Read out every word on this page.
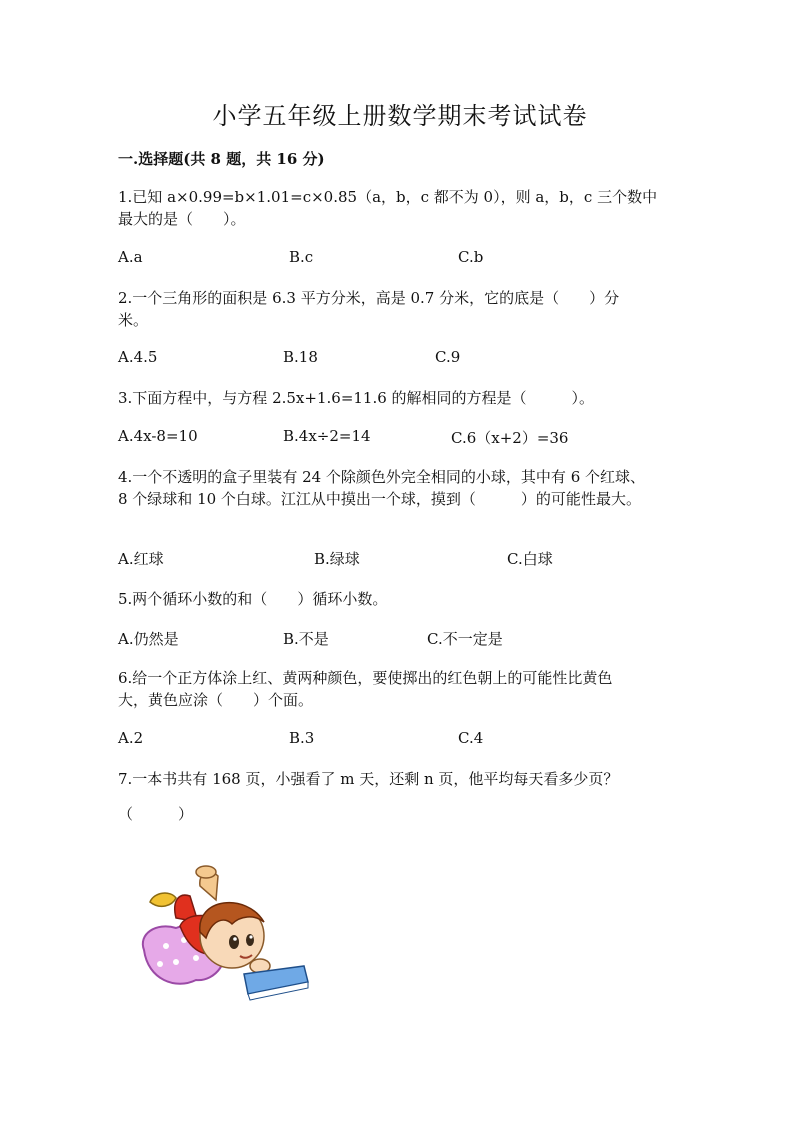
小学五年级上册数学期末考试试卷
一.选择题(共 8 题，共 16 分)
1.已知 a×0.99=b×1.01=c×0.85（a，b，c 都不为 0），则 a，b，c 三个数中
最大的是（　　）。
A.a	B.c	C.b
2.一个三角形的面积是 6.3 平方分米，高是 0.7 分米，它的底是（　　）分
米。
A.4.5	B.18	C.9
3.下面方程中，与方程 2.5x+1.6=11.6 的解相同的方程是（　　　）。
A.4x-8=10	B.4x÷2=14	C.6（x+2）=36
4.一个不透明的盒子里装有 24 个除颜色外完全相同的小球，其中有 6 个红球、
8 个绿球和 10 个白球。江江从中摸出一个球，摸到（　　　）的可能性最大。
A.红球	B.绿球	C.白球
5.两个循环小数的和（　　）循环小数。
A.仍然是	B.不是	C.不一定是
6.给一个正方体涂上红、黄两种颜色，要使掷出的红色朝上的可能性比黄色
大，黄色应涂（　　）个面。
A.2	B.3	C.4
7.一本书共有 168 页，小强看了 m 天，还剩 n 页，他平均每天看多少页？
（　　　）
